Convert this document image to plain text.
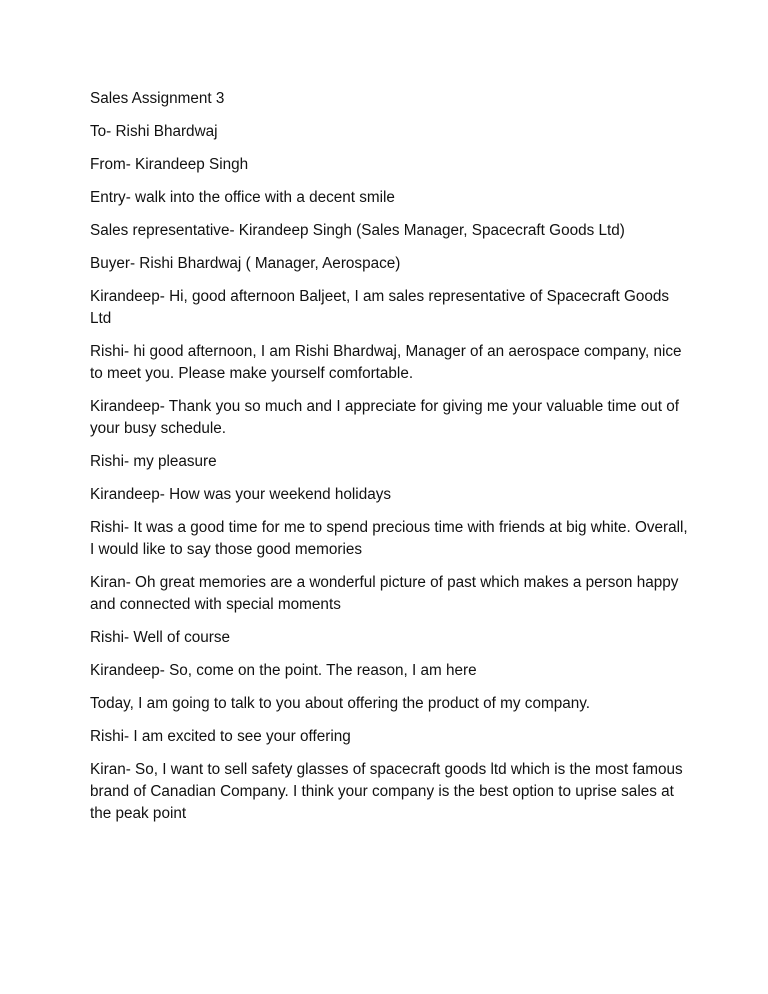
Sales Assignment 3

To- Rishi Bhardwaj

From- Kirandeep Singh

Entry- walk into the office with a decent smile

Sales representative- Kirandeep Singh (Sales Manager, Spacecraft Goods Ltd)

Buyer- Rishi Bhardwaj ( Manager, Aerospace)

Kirandeep- Hi, good afternoon Baljeet, I am sales representative of Spacecraft Goods Ltd

Rishi- hi good afternoon, I am Rishi Bhardwaj, Manager of an aerospace company, nice to meet you. Please make yourself comfortable.

Kirandeep- Thank you so much and I appreciate for giving me your valuable time out of your busy schedule.

Rishi- my pleasure

Kirandeep- How was your weekend holidays

Rishi- It was a good time for me to spend precious time with friends at big white. Overall, I would like to say those good memories

Kiran- Oh great memories are a wonderful picture of past which makes a person happy and connected with special moments

Rishi- Well of course

Kirandeep- So, come on the point. The reason, I am here

Today, I am going to talk to you about offering the product of my company.

Rishi- I am excited to see your offering

Kiran- So, I want to sell safety glasses of spacecraft goods ltd which is the most famous brand of Canadian Company. I think your company is the best option to uprise sales at the peak point
